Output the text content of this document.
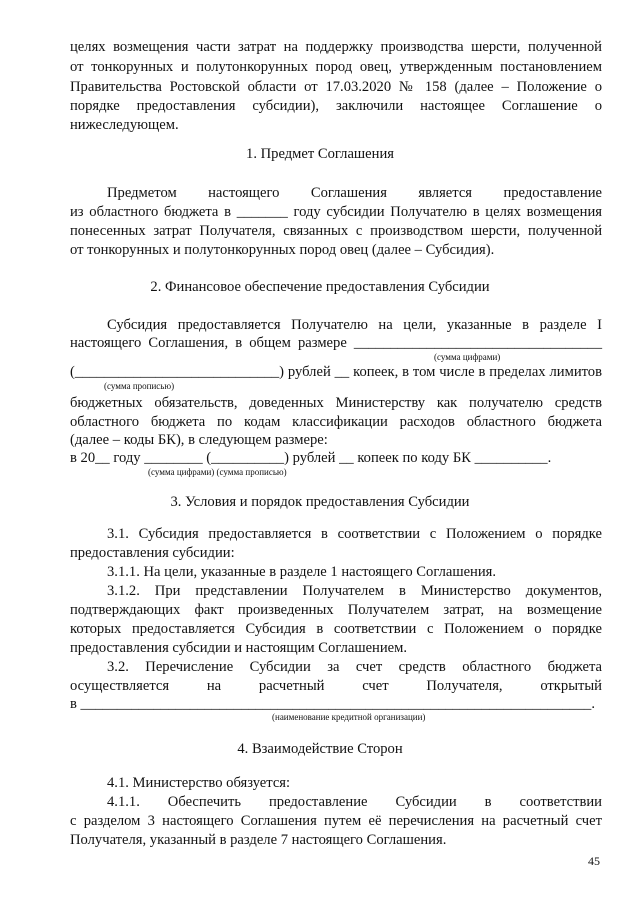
целях возмещения части затрат на поддержку производства шерсти, полученной
от тонкорунных и полутонкорунных пород овец, утвержденным постановлением
Правительства Ростовской области от 17.03.2020 № 158 (далее – Положение о
порядке предоставления субсидии), заключили настоящее Соглашение о
нижеследующем.
1. Предмет Соглашения
Предметом настоящего Соглашения является предоставление
из областного бюджета в _______ году субсидии Получателю в целях возмещения
понесенных затрат Получателя, связанных с производством шерсти, полученной
от тонкорунных и полутонкорунных пород овец (далее – Субсидия).
2. Финансовое обеспечение предоставления Субсидии
Субсидия предоставляется Получателю на цели, указанные в разделе I
настоящего Соглашения, в общем размере __________________________________
(сумма цифрами)
(____________________________) рублей __ копеек, в том числе в пределах лимитов
(сумма прописью)
бюджетных обязательств, доведенных Министерству как получателю средств
областного бюджета по кодам классификации расходов областного бюджета
(далее – коды БК), в следующем размере:
в 20__ году ________ (__________) рублей __ копеек по коду БК __________.
(сумма цифрами) (сумма прописью)
3. Условия и порядок предоставления Субсидии
3.1. Субсидия предоставляется в соответствии с Положением о порядке
предоставления субсидии:
3.1.1. На цели, указанные в разделе 1 настоящего Соглашения.
3.1.2. При представлении Получателем в Министерство документов,
подтверждающих факт произведенных Получателем затрат, на возмещение
которых предоставляется Субсидия в соответствии с Положением о порядке
предоставления субсидии и настоящим Соглашением.
3.2. Перечисление Субсидии за счет средств областного бюджета
осуществляется на расчетный счет Получателя, открытый
в ______________________________________________________________________.
(наименование кредитной организации)
4. Взаимодействие Сторон
4.1. Министерство обязуется:
4.1.1. Обеспечить предоставление Субсидии в соответствии
с разделом 3 настоящего Соглашения путем её перечисления на расчетный счет
Получателя, указанный в разделе 7 настоящего Соглашения.
45
